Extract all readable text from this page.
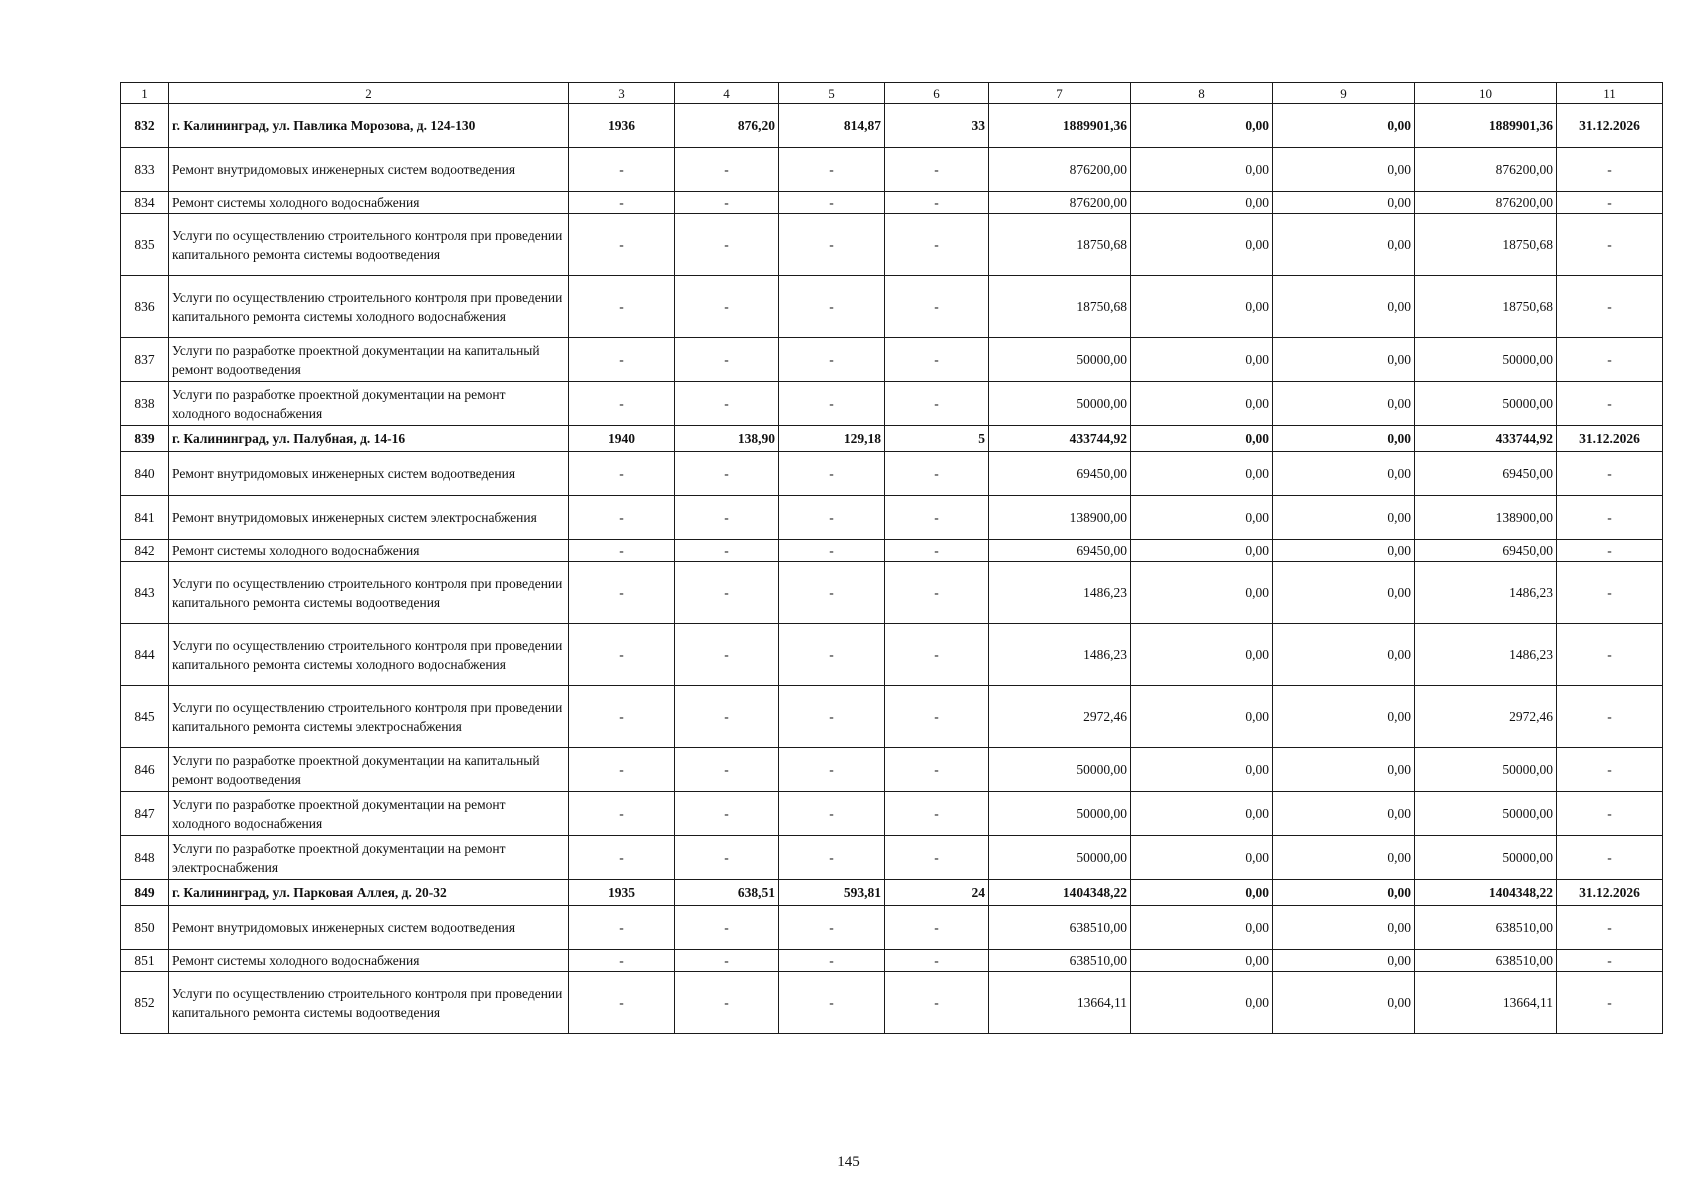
1	2	3	4	5	6	7	8	9	10	11
832	г. Калининград, ул. Павлика Морозова, д. 124-130	1936	876,20	814,87	33	1889901,36	0,00	0,00	1889901,36	31.12.2026
833	Ремонт внутридомовых инженерных систем водоотведения	-	-	-	-	876200,00	0,00	0,00	876200,00	-
834	Ремонт системы холодного водоснабжения	-	-	-	-	876200,00	0,00	0,00	876200,00	-
835	Услуги по осуществлению строительного контроля при проведении капитального ремонта системы водоотведения	-	-	-	-	18750,68	0,00	0,00	18750,68	-
836	Услуги по осуществлению строительного контроля при проведении капитального ремонта системы холодного водоснабжения	-	-	-	-	18750,68	0,00	0,00	18750,68	-
837	Услуги по разработке проектной документации на капитальный ремонт водоотведения	-	-	-	-	50000,00	0,00	0,00	50000,00	-
838	Услуги по разработке проектной документации на ремонт холодного водоснабжения	-	-	-	-	50000,00	0,00	0,00	50000,00	-
839	г. Калининград, ул. Палубная, д. 14-16	1940	138,90	129,18	5	433744,92	0,00	0,00	433744,92	31.12.2026
840	Ремонт внутридомовых инженерных систем водоотведения	-	-	-	-	69450,00	0,00	0,00	69450,00	-
841	Ремонт внутридомовых инженерных систем электроснабжения	-	-	-	-	138900,00	0,00	0,00	138900,00	-
842	Ремонт системы холодного водоснабжения	-	-	-	-	69450,00	0,00	0,00	69450,00	-
843	Услуги по осуществлению строительного контроля при проведении капитального ремонта системы водоотведения	-	-	-	-	1486,23	0,00	0,00	1486,23	-
844	Услуги по осуществлению строительного контроля при проведении капитального ремонта системы холодного водоснабжения	-	-	-	-	1486,23	0,00	0,00	1486,23	-
845	Услуги по осуществлению строительного контроля при проведении капитального ремонта системы электроснабжения	-	-	-	-	2972,46	0,00	0,00	2972,46	-
846	Услуги по разработке проектной документации на капитальный ремонт водоотведения	-	-	-	-	50000,00	0,00	0,00	50000,00	-
847	Услуги по разработке проектной документации на ремонт холодного водоснабжения	-	-	-	-	50000,00	0,00	0,00	50000,00	-
848	Услуги по разработке проектной документации на ремонт электроснабжения	-	-	-	-	50000,00	0,00	0,00	50000,00	-
849	г. Калининград, ул. Парковая Аллея, д. 20-32	1935	638,51	593,81	24	1404348,22	0,00	0,00	1404348,22	31.12.2026
850	Ремонт внутридомовых инженерных систем водоотведения	-	-	-	-	638510,00	0,00	0,00	638510,00	-
851	Ремонт системы холодного водоснабжения	-	-	-	-	638510,00	0,00	0,00	638510,00	-
852	Услуги по осуществлению строительного контроля при проведении капитального ремонта системы водоотведения	-	-	-	-	13664,11	0,00	0,00	13664,11	-
145
